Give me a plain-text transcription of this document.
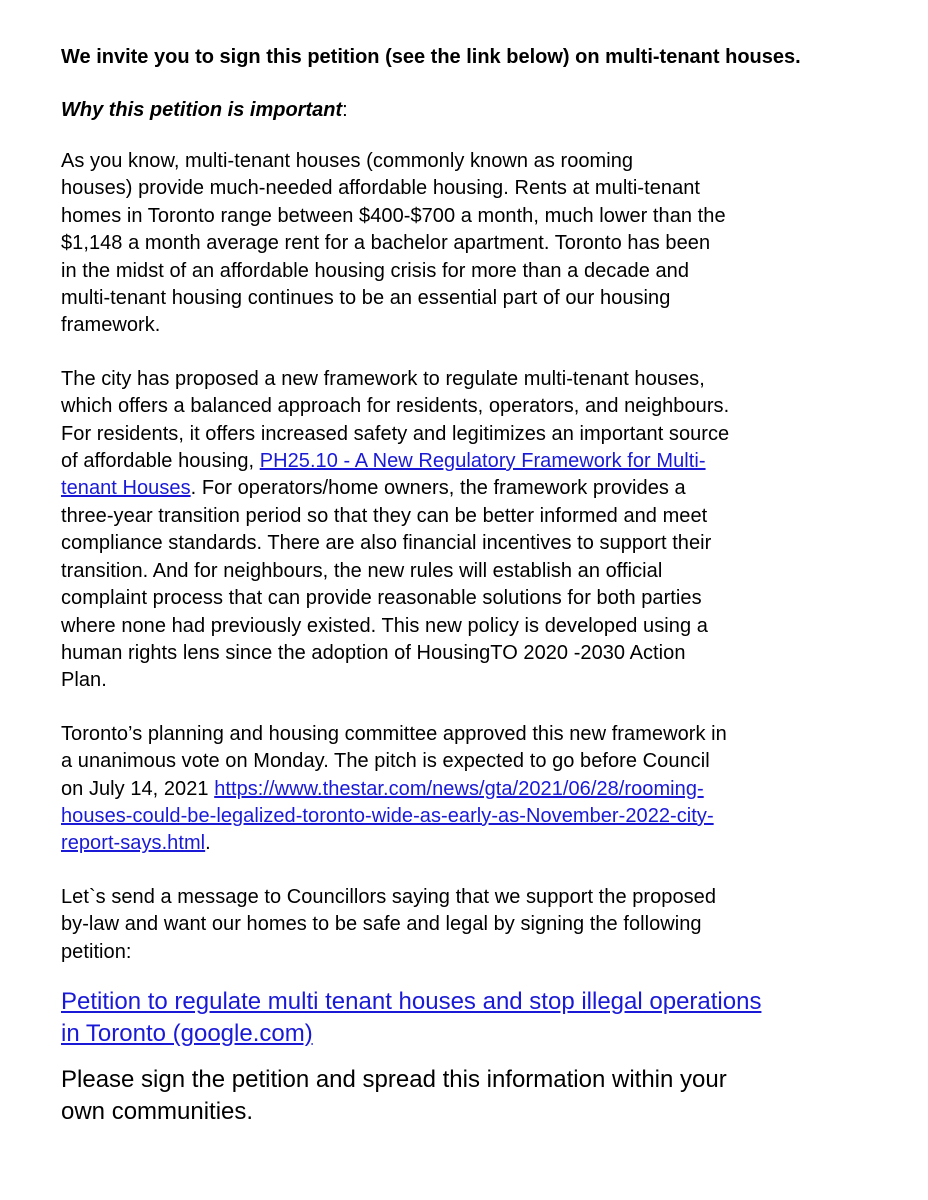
We invite you to sign this petition (see the link below) on multi-tenant houses.

Why this petition is important:

As you know, multi-tenant houses (commonly known as rooming
houses) provide much-needed affordable housing. Rents at multi-tenant
homes in Toronto range between $400-$700 a month, much lower than the
$1,148 a month average rent for a bachelor apartment. Toronto has been
in the midst of an affordable housing crisis for more than a decade and
multi-tenant housing continues to be an essential part of our housing
framework.

The city has proposed a new framework to regulate multi-tenant houses,
which offers a balanced approach for residents, operators, and neighbours.
For residents, it offers increased safety and legitimizes an important source
of affordable housing, PH25.10 - A New Regulatory Framework for Multi-
tenant Houses. For operators/home owners, the framework provides a
three-year transition period so that they can be better informed and meet
compliance standards. There are also financial incentives to support their
transition. And for neighbours, the new rules will establish an official
complaint process that can provide reasonable solutions for both parties
where none had previously existed. This new policy is developed using a
human rights lens since the adoption of HousingTO 2020 -2030 Action
Plan.

Toronto’s planning and housing committee approved this new framework in
a unanimous vote on Monday. The pitch is expected to go before Council
on July 14, 2021 https://www.thestar.com/news/gta/2021/06/28/rooming-
houses-could-be-legalized-toronto-wide-as-early-as-November-2022-city-
report-says.html.

Let`s send a message to Councillors saying that we support the proposed
by-law and want our homes to be safe and legal by signing the following
petition:

Petition to regulate multi tenant houses and stop illegal operations
in Toronto (google.com)

Please sign the petition and spread this information within your
own communities.
